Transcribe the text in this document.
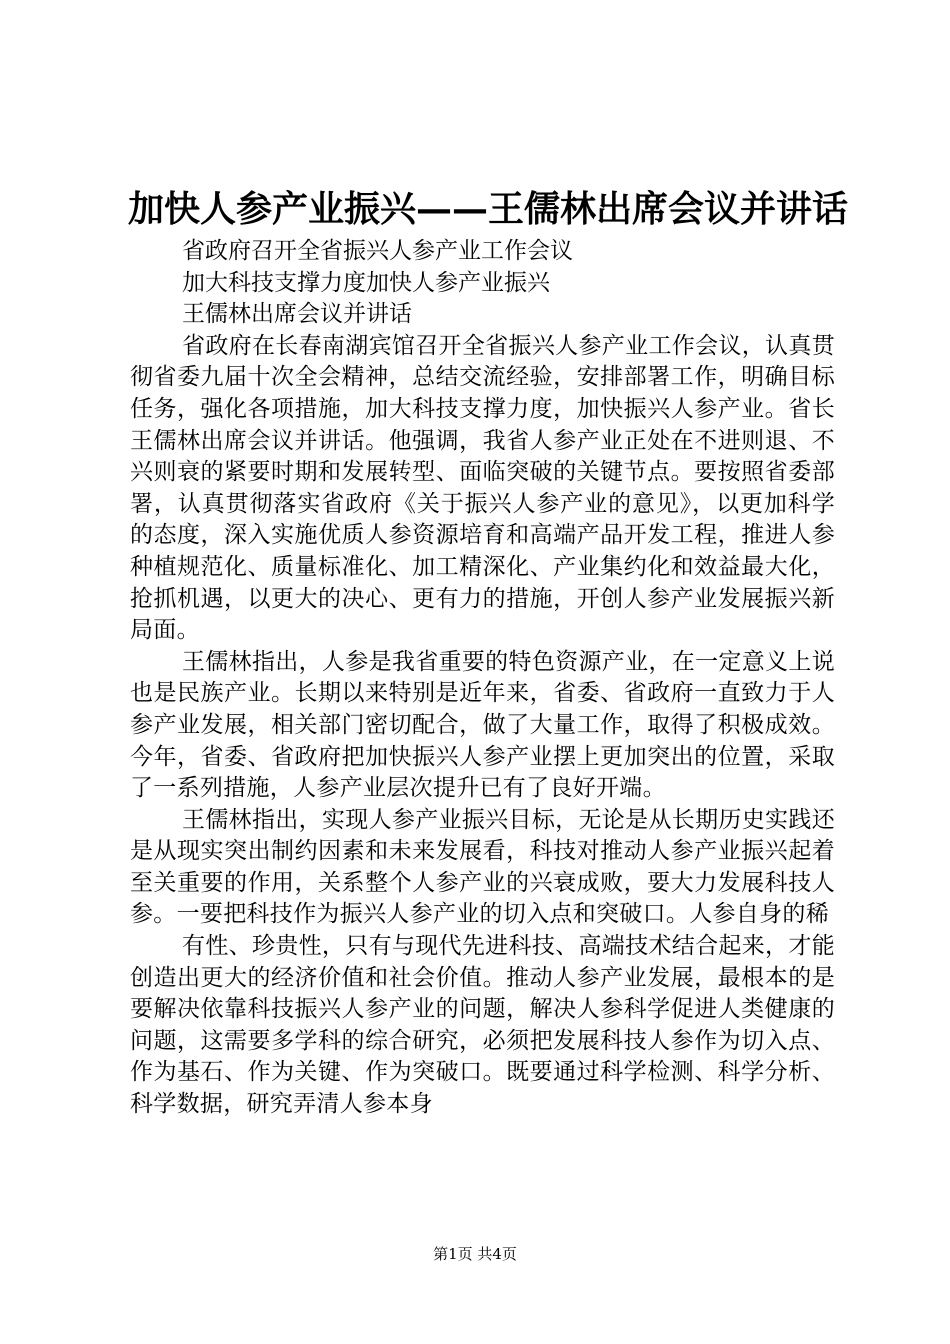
加快人参产业振兴——王儒林出席会议并讲话

省政府召开全省振兴人参产业工作会议

加大科技支撑力度加快人参产业振兴

王儒林出席会议并讲话

省政府在长春南湖宾馆召开全省振兴人参产业工作会议，认真贯彻省委九届十次全会精神，总结交流经验，安排部署工作，明确目标任务，强化各项措施，加大科技支撑力度，加快振兴人参产业。省长王儒林出席会议并讲话。他强调，我省人参产业正处在不进则退、不兴则衰的紧要时期和发展转型、面临突破的关键节点。要按照省委部署，认真贯彻落实省政府《关于振兴人参产业的意见》，以更加科学的态度，深入实施优质人参资源培育和高端产品开发工程，推进人参种植规范化、质量标准化、加工精深化、产业集约化和效益最大化，抢抓机遇，以更大的决心、更有力的措施，开创人参产业发展振兴新局面。

王儒林指出，人参是我省重要的特色资源产业，在一定意义上说也是民族产业。长期以来特别是近年来，省委、省政府一直致力于人参产业发展，相关部门密切配合，做了大量工作，取得了积极成效。今年，省委、省政府把加快振兴人参产业摆上更加突出的位置，采取了一系列措施，人参产业层次提升已有了良好开端。

王儒林指出，实现人参产业振兴目标，无论是从长期历史实践还是从现实突出制约因素和未来发展看，科技对推动人参产业振兴起着至关重要的作用，关系整个人参产业的兴衰成败，要大力发展科技人参。一要把科技作为振兴人参产业的切入点和突破口。人参自身的稀

有性、珍贵性，只有与现代先进科技、高端技术结合起来，才能创造出更大的经济价值和社会价值。推动人参产业发展，最根本的是要解决依靠科技振兴人参产业的问题，解决人参科学促进人类健康的问题，这需要多学科的综合研究，必须把发展科技人参作为切入点、作为基石、作为关键、作为突破口。既要通过科学检测、科学分析、科学数据，研究弄清人参本身

第1页 共4页
